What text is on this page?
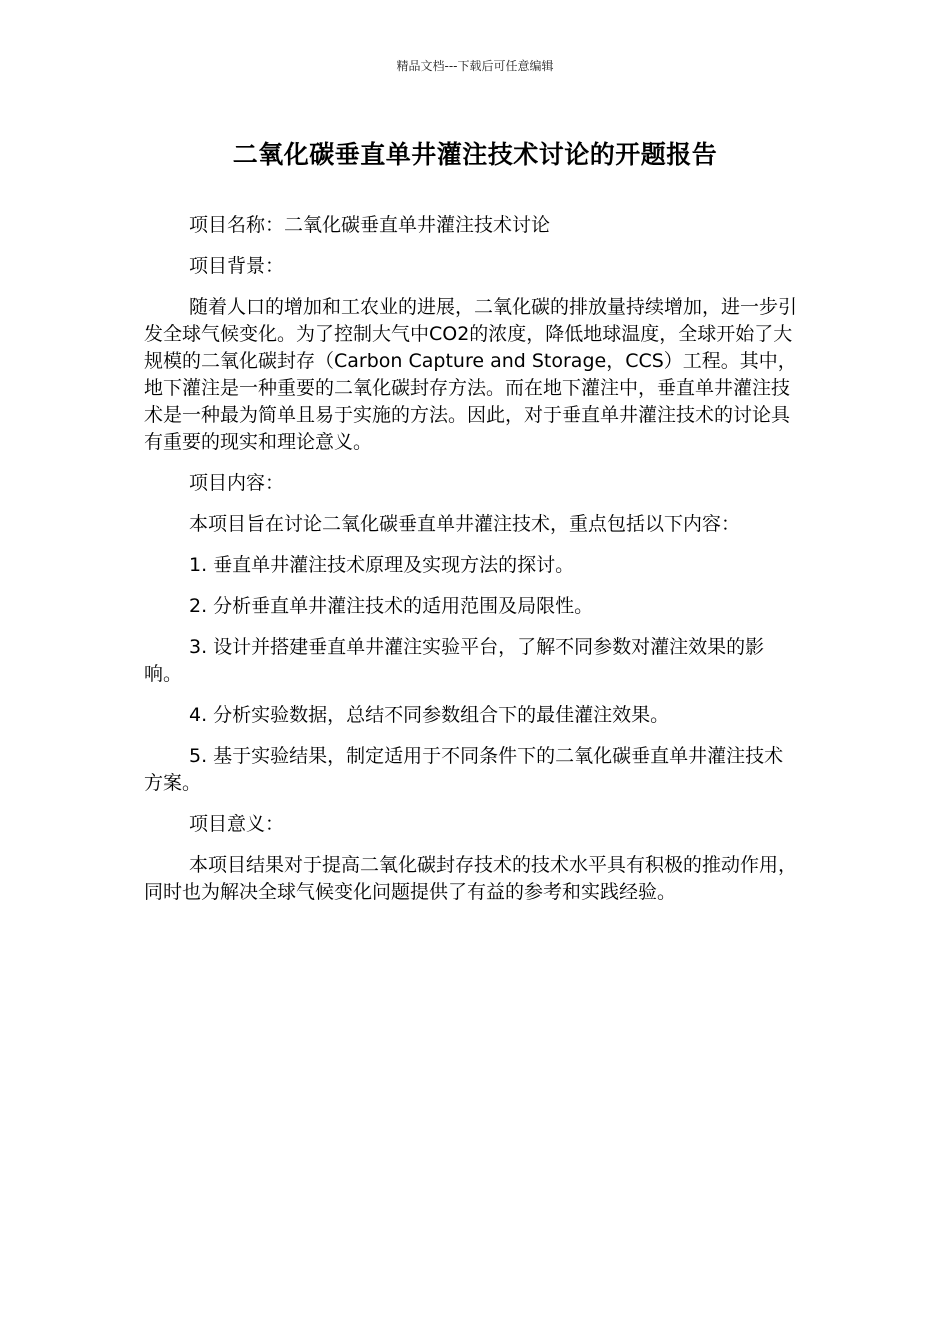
精品文档---下载后可任意编辑
二氧化碳垂直单井灌注技术讨论的开题报告

项目名称：二氧化碳垂直单井灌注技术讨论

项目背景：

随着人口的增加和工农业的进展，二氧化碳的排放量持续增加，进一步引发全球气候变化。为了控制大气中CO2的浓度，降低地球温度，全球开始了大规模的二氧化碳封存（Carbon Capture and Storage，CCS）工程。其中，地下灌注是一种重要的二氧化碳封存方法。而在地下灌注中，垂直单井灌注技术是一种最为简单且易于实施的方法。因此，对于垂直单井灌注技术的讨论具有重要的现实和理论意义。

项目内容：

本项目旨在讨论二氧化碳垂直单井灌注技术，重点包括以下内容：

1. 垂直单井灌注技术原理及实现方法的探讨。

2. 分析垂直单井灌注技术的适用范围及局限性。

3. 设计并搭建垂直单井灌注实验平台，了解不同参数对灌注效果的影响。

4. 分析实验数据，总结不同参数组合下的最佳灌注效果。

5. 基于实验结果，制定适用于不同条件下的二氧化碳垂直单井灌注技术方案。

项目意义：

本项目结果对于提高二氧化碳封存技术的技术水平具有积极的推动作用，同时也为解决全球气候变化问题提供了有益的参考和实践经验。
